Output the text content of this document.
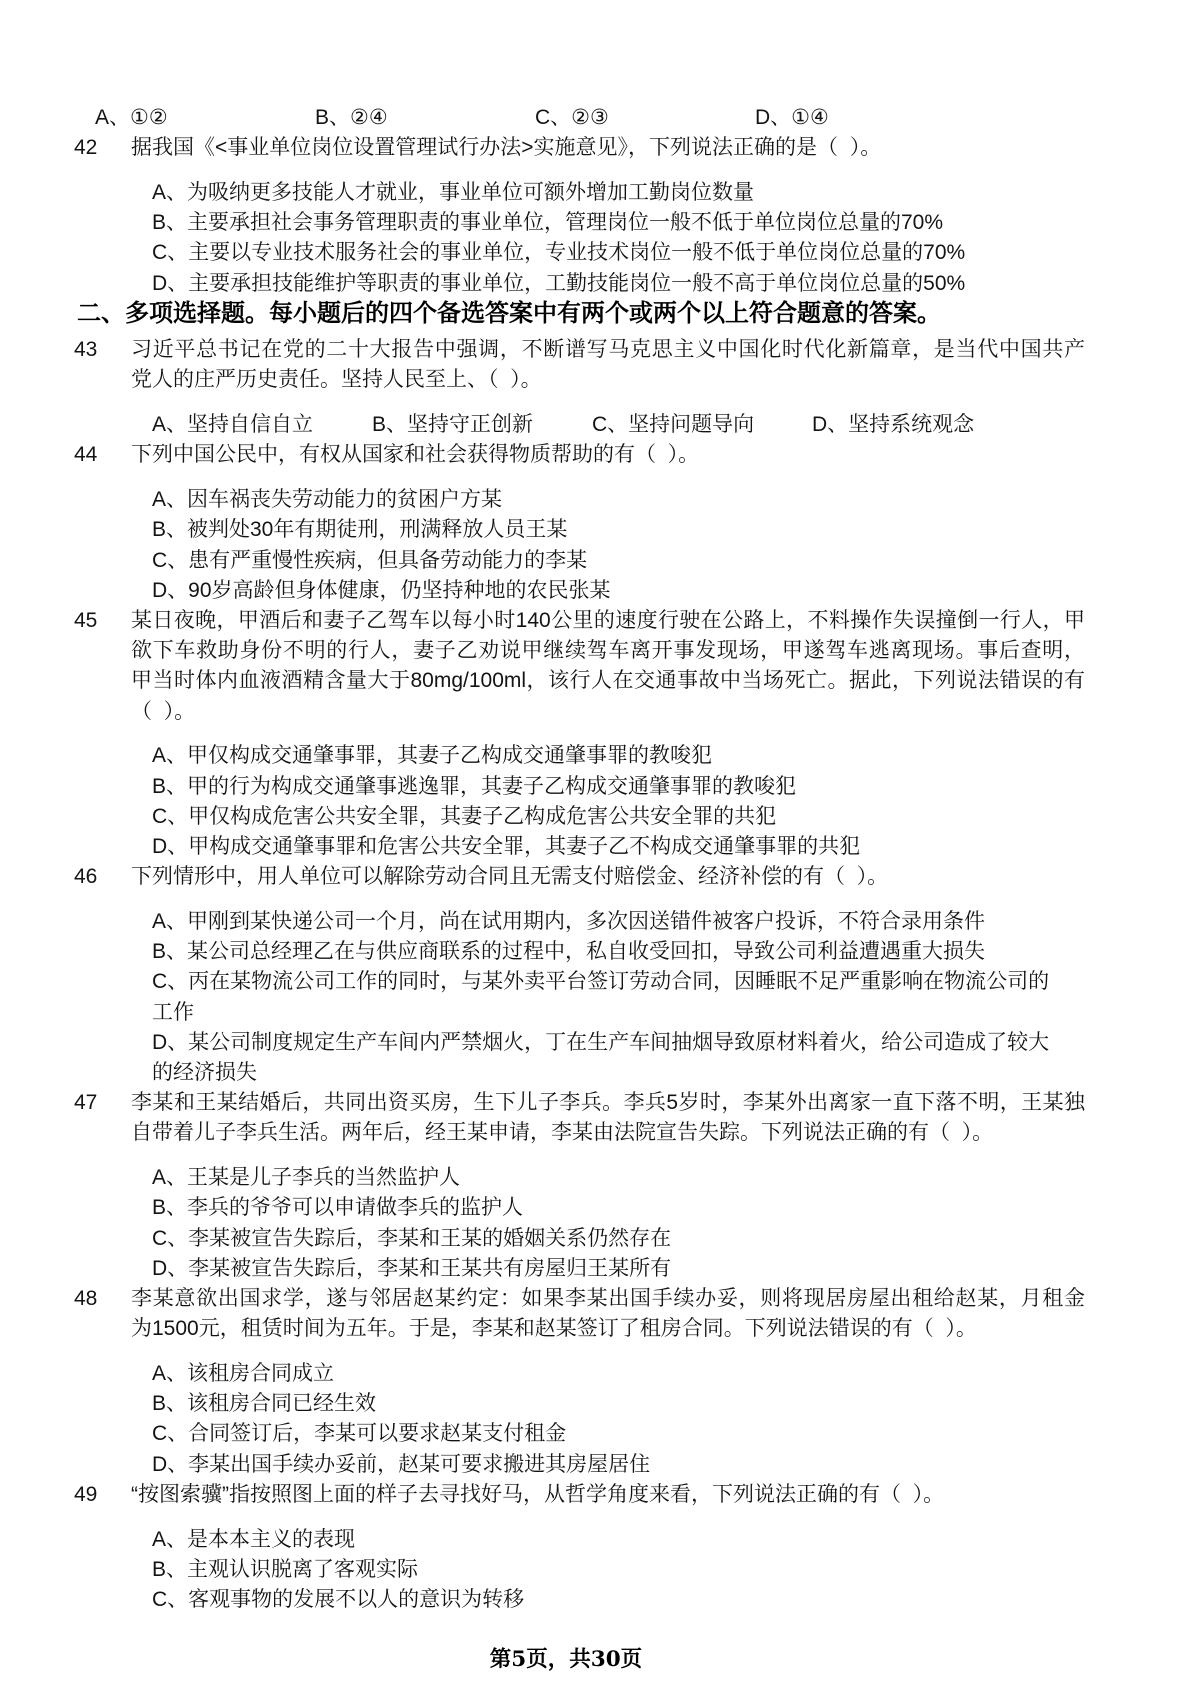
A、①②	B、②④	C、②③	D、①④
42 据我国《<事业单位岗位设置管理试行办法>实施意见》，下列说法正确的是（  ）。
A、为吸纳更多技能人才就业，事业单位可额外增加工勤岗位数量
B、主要承担社会事务管理职责的事业单位，管理岗位一般不低于单位岗位总量的70%
C、主要以专业技术服务社会的事业单位，专业技术岗位一般不低于单位岗位总量的70%
D、主要承担技能维护等职责的事业单位，工勤技能岗位一般不高于单位岗位总量的50%
二、多项选择题。每小题后的四个备选答案中有两个或两个以上符合题意的答案。
43 习近平总书记在党的二十大报告中强调，不断谱写马克思主义中国化时代化新篇章，是当代中国共产
党人的庄严历史责任。坚持人民至上、（  ）。
A、坚持自信自立	B、坚持守正创新	C、坚持问题导向	D、坚持系统观念
44 下列中国公民中，有权从国家和社会获得物质帮助的有（  ）。
A、因车祸丧失劳动能力的贫困户方某
B、被判处30年有期徒刑，刑满释放人员王某
C、患有严重慢性疾病，但具备劳动能力的李某
D、90岁高龄但身体健康，仍坚持种地的农民张某
45 某日夜晚，甲酒后和妻子乙驾车以每小时140公里的速度行驶在公路上，不料操作失误撞倒一行人，甲
欲下车救助身份不明的行人，妻子乙劝说甲继续驾车离开事发现场，甲遂驾车逃离现场。事后查明，
甲当时体内血液酒精含量大于80mg/100ml，该行人在交通事故中当场死亡。据此，下列说法错误的有
（  ）。
A、甲仅构成交通肇事罪，其妻子乙构成交通肇事罪的教唆犯
B、甲的行为构成交通肇事逃逸罪，其妻子乙构成交通肇事罪的教唆犯
C、甲仅构成危害公共安全罪，其妻子乙构成危害公共安全罪的共犯
D、甲构成交通肇事罪和危害公共安全罪，其妻子乙不构成交通肇事罪的共犯
46 下列情形中，用人单位可以解除劳动合同且无需支付赔偿金、经济补偿的有（  ）。
A、甲刚到某快递公司一个月，尚在试用期内，多次因送错件被客户投诉，不符合录用条件
B、某公司总经理乙在与供应商联系的过程中，私自收受回扣，导致公司利益遭遇重大损失
C、丙在某物流公司工作的同时，与某外卖平台签订劳动合同，因睡眠不足严重影响在物流公司的
工作
D、某公司制度规定生产车间内严禁烟火，丁在生产车间抽烟导致原材料着火，给公司造成了较大
的经济损失
47 李某和王某结婚后，共同出资买房，生下儿子李兵。李兵5岁时，李某外出离家一直下落不明，王某独
自带着儿子李兵生活。两年后，经王某申请，李某由法院宣告失踪。下列说法正确的有（  ）。
A、王某是儿子李兵的当然监护人
B、李兵的爷爷可以申请做李兵的监护人
C、李某被宣告失踪后，李某和王某的婚姻关系仍然存在
D、李某被宣告失踪后，李某和王某共有房屋归王某所有
48 李某意欲出国求学，遂与邻居赵某约定：如果李某出国手续办妥，则将现居房屋出租给赵某，月租金
为1500元，租赁时间为五年。于是，李某和赵某签订了租房合同。下列说法错误的有（  ）。
A、该租房合同成立
B、该租房合同已经生效
C、合同签订后，李某可以要求赵某支付租金
D、李某出国手续办妥前，赵某可要求搬进其房屋居住
49 “按图索骥”指按照图上面的样子去寻找好马，从哲学角度来看，下列说法正确的有（  ）。
A、是本本主义的表现
B、主观认识脱离了客观实际
C、客观事物的发展不以人的意识为转移
第5页，共30页
